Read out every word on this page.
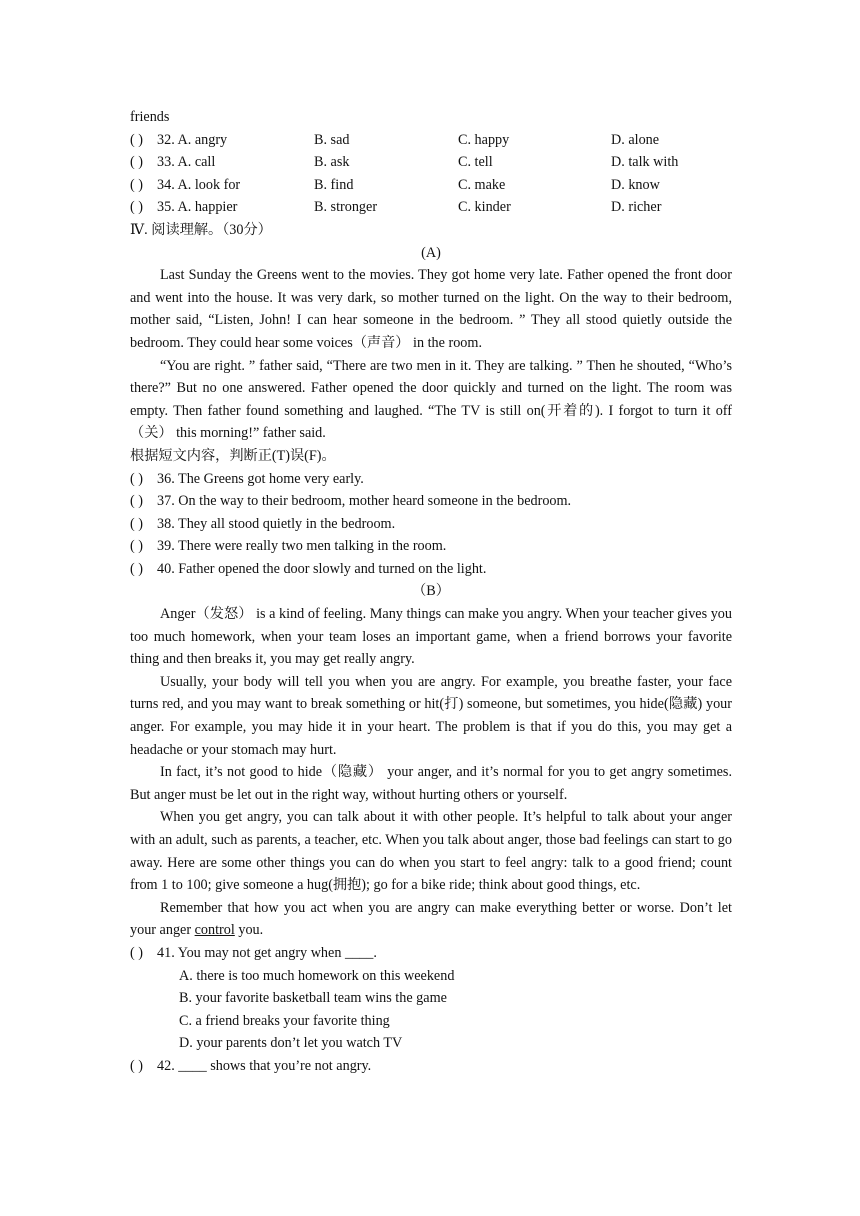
friends
( ) 32. A. angry	B. sad	C. happy	D. alone
( ) 33. A. call	B. ask	C. tell	D. talk with
( ) 34. A. look for	B. find	C. make	D. know
( ) 35. A. happier	B. stronger	C. kinder	D. richer
Ⅳ. 阅读理解。（30分）
(A)
Last Sunday the Greens went to the movies. They got home very late. Father opened the front door and went into the house. It was very dark, so mother turned on the light. On the way to their bedroom, mother said, “Listen, John! I can hear someone in the bedroom. ” They all stood quietly outside the bedroom. They could hear some voices（声音） in the room.
“You are right. ” father said, “There are two men in it. They are talking. ” Then he shouted, “Who’s there?” But no one answered. Father opened the door quickly and turned on the light. The room was empty. Then father found something and laughed. “The TV is still on(开着的). I forgot to turn it off（关） this morning!” father said.
根据短文内容，判断正(T)误(F)。
( ) 36. The Greens got home very early.
( ) 37. On the way to their bedroom, mother heard someone in the bedroom.
( ) 38. They all stood quietly in the bedroom.
( ) 39. There were really two men talking in the room.
( ) 40. Father opened the door slowly and turned on the light.
（B）
Anger（发怒） is a kind of feeling. Many things can make you angry. When your teacher gives you too much homework, when your team loses an important game, when a friend borrows your favorite thing and then breaks it, you may get really angry.
Usually, your body will tell you when you are angry. For example, you breathe faster, your face turns red, and you may want to break something or hit(打) someone, but sometimes, you hide(隐藏) your anger. For example, you may hide it in your heart. The problem is that if you do this, you may get a headache or your stomach may hurt.
In fact, it’s not good to hide（隐藏） your anger, and it’s normal for you to get angry sometimes. But anger must be let out in the right way, without hurting others or yourself.
When you get angry, you can talk about it with other people. It’s helpful to talk about your anger with an adult, such as parents, a teacher, etc. When you talk about anger, those bad feelings can start to go away. Here are some other things you can do when you start to feel angry: talk to a good friend; count from 1 to 100; give someone a hug(拥抱); go for a bike ride; think about good things, etc.
Remember that how you act when you are angry can make everything better or worse. Don’t let your anger control you.
( ) 41. You may not get angry when ____.
A. there is too much homework on this weekend
B. your favorite basketball team wins the game
C. a friend breaks your favorite thing
D. your parents don’t let you watch TV
( ) 42. ____ shows that you’re not angry.
